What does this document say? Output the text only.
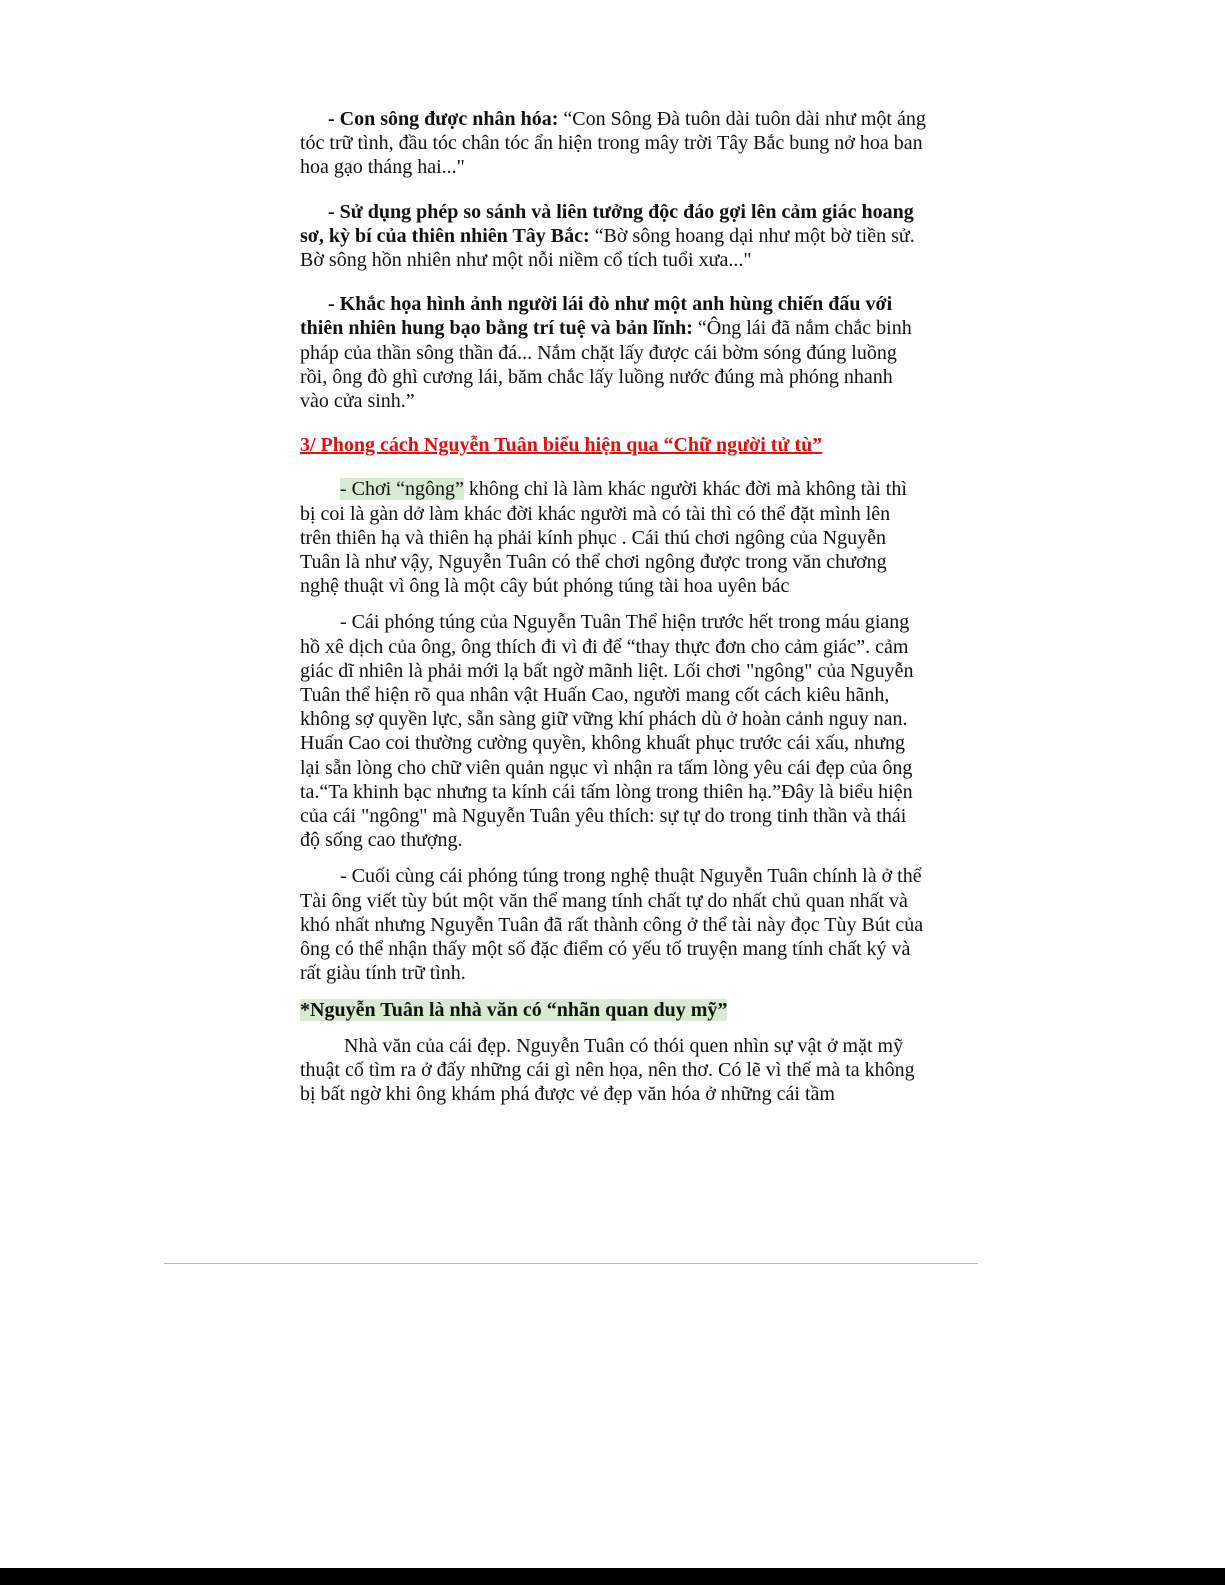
- Con sông được nhân hóa: “Con Sông Đà tuôn dài tuôn dài như một áng tóc trữ tình, đầu tóc chân tóc ẩn hiện trong mây trời Tây Bắc bung nở hoa ban hoa gạo tháng hai..."

- Sử dụng phép so sánh và liên tưởng độc đáo gợi lên cảm giác hoang sơ, kỳ bí của thiên nhiên Tây Bắc: “Bờ sông hoang dại như một bờ tiền sử. Bờ sông hồn nhiên như một nỗi niềm cổ tích tuổi xưa..."

- Khắc họa hình ảnh người lái đò như một anh hùng chiến đấu với thiên nhiên hung bạo bằng trí tuệ và bản lĩnh: “Ông lái đã nắm chắc binh pháp của thần sông thần đá... Nắm chặt lấy được cái bờm sóng đúng luồng rồi, ông đò ghì cương lái, băm chắc lấy luồng nước đúng mà phóng nhanh vào cửa sinh.”

3/ Phong cách Nguyễn Tuân biểu hiện qua “Chữ người tử tù”

- Chơi “ngông” không chỉ là làm khác người khác đời mà không tài thì bị coi là gàn dở làm khác đời khác người mà có tài thì có thể đặt mình lên trên thiên hạ và thiên hạ phải kính phục . Cái thú chơi ngông của Nguyễn Tuân là như vậy, Nguyễn Tuân có thể chơi ngông được trong văn chương nghệ thuật vì ông là một cây bút phóng túng tài hoa uyên bác

- Cái phóng túng của Nguyễn Tuân Thể hiện trước hết trong máu giang hồ xê dịch của ông, ông thích đi vì đi để “thay thực đơn cho cảm giác”. cảm giác dĩ nhiên là phải mới lạ bất ngờ mãnh liệt. Lối chơi "ngông" của Nguyễn Tuân thể hiện rõ qua nhân vật Huấn Cao, người mang cốt cách kiêu hãnh, không sợ quyền lực, sẵn sàng giữ vững khí phách dù ở hoàn cảnh nguy nan. Huấn Cao coi thường cường quyền, không khuất phục trước cái xấu, nhưng lại sẵn lòng cho chữ viên quản ngục vì nhận ra tấm lòng yêu cái đẹp của ông ta.“Ta khinh bạc nhưng ta kính cái tấm lòng trong thiên hạ.”Đây là biểu hiện của cái "ngông" mà Nguyễn Tuân yêu thích: sự tự do trong tinh thần và thái độ sống cao thượng.

- Cuối cùng cái phóng túng trong nghệ thuật Nguyễn Tuân chính là ở thể Tài ông viết tùy bút một văn thể mang tính chất tự do nhất chủ quan nhất và khó nhất nhưng Nguyễn Tuân đã rất thành công ở thể tài này đọc Tùy Bút của ông có thể nhận thấy một số đặc điểm có yếu tố truyện mang tính chất ký và rất giàu tính trữ tình.

*Nguyễn Tuân là nhà văn có “nhãn quan duy mỹ”

Nhà văn của cái đẹp. Nguyễn Tuân có thói quen nhìn sự vật ở mặt mỹ thuật cố tìm ra ở đấy những cái gì nên họa, nên thơ. Có lẽ vì thế mà ta không bị bất ngờ khi ông khám phá được vẻ đẹp văn hóa ở những cái tầm
